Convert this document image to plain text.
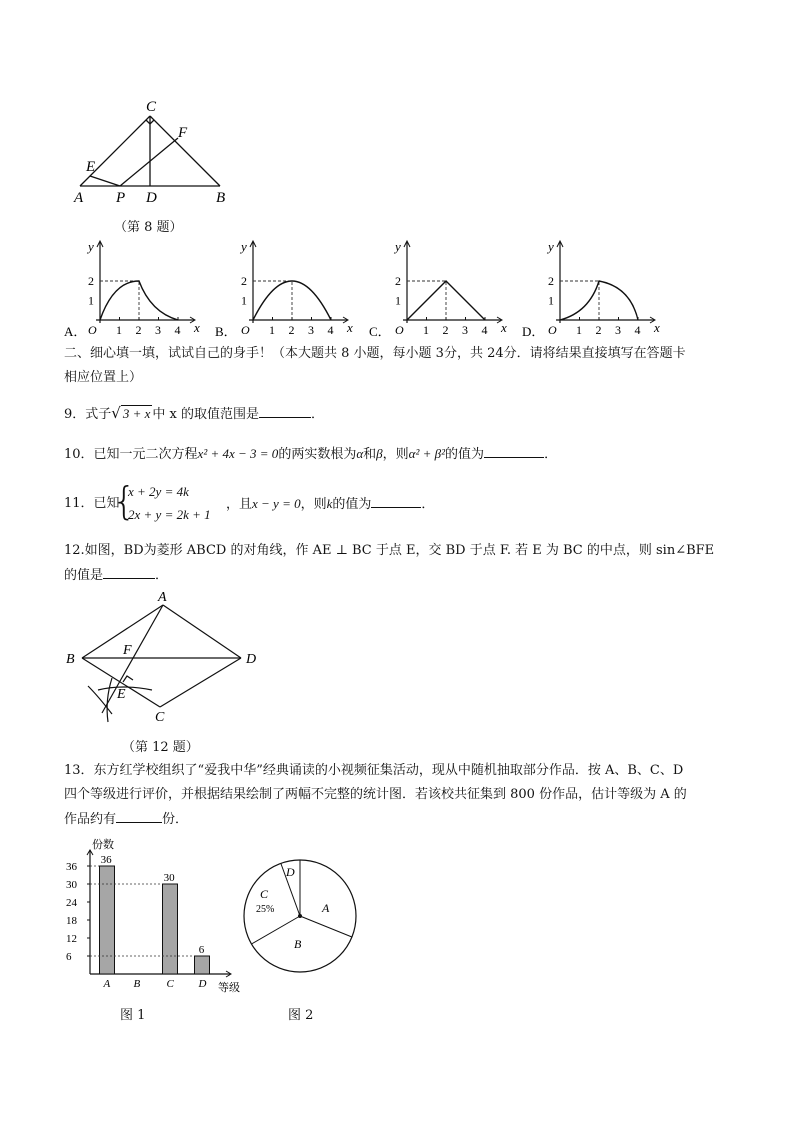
C
F
E
A P D	B
（第 8 题）
1 2 3 4
1
2
O
y
x
A．	1 2 3 4
1
2
O
y
x
B．	1 2 3 4
1
2
O
y
x
C．	1 2 3 4
1
2
O
y
x
D．
二、细心填一填，试试自己的身手！（本大题共 8 小题，每小题 3分，共 24分．请将结果直接填写在答题卡
相应位置上）
9．式子√ 3 + x 中 x 的取值范围是	．
10．已知一元二次方程x² + 4x − 3 = 0的两实数根为α和β，则α² + β²的值为	．
11．已知
{
x + 2y = 4k
2x + y = 2k + 1
，且x − y = 0，则k的值为	．
12.如图，BD为菱形 ABCD 的对角线，作 AE ⊥ BC 于点 E，交 BD 于点 F. 若 E 为 BC 的中点，则 sin∠BFE
的值是	．
A
B	D
F
E
C
（第 12 题）
13．东方红学校组织了“爱我中华”经典诵读的小视频征集活动，现从中随机抽取部分作品．按 A、B、C、D
四个等级进行评价，并根据结果绘制了两幅不完整的统计图．若该校共征集到 800 份作品，估计等级为 A 的
作品约有	份．
份数
等级
6
12
18
24
30
36
A
36
B C
30
D
6
图 1
A
B
C
25%
D
图 2
